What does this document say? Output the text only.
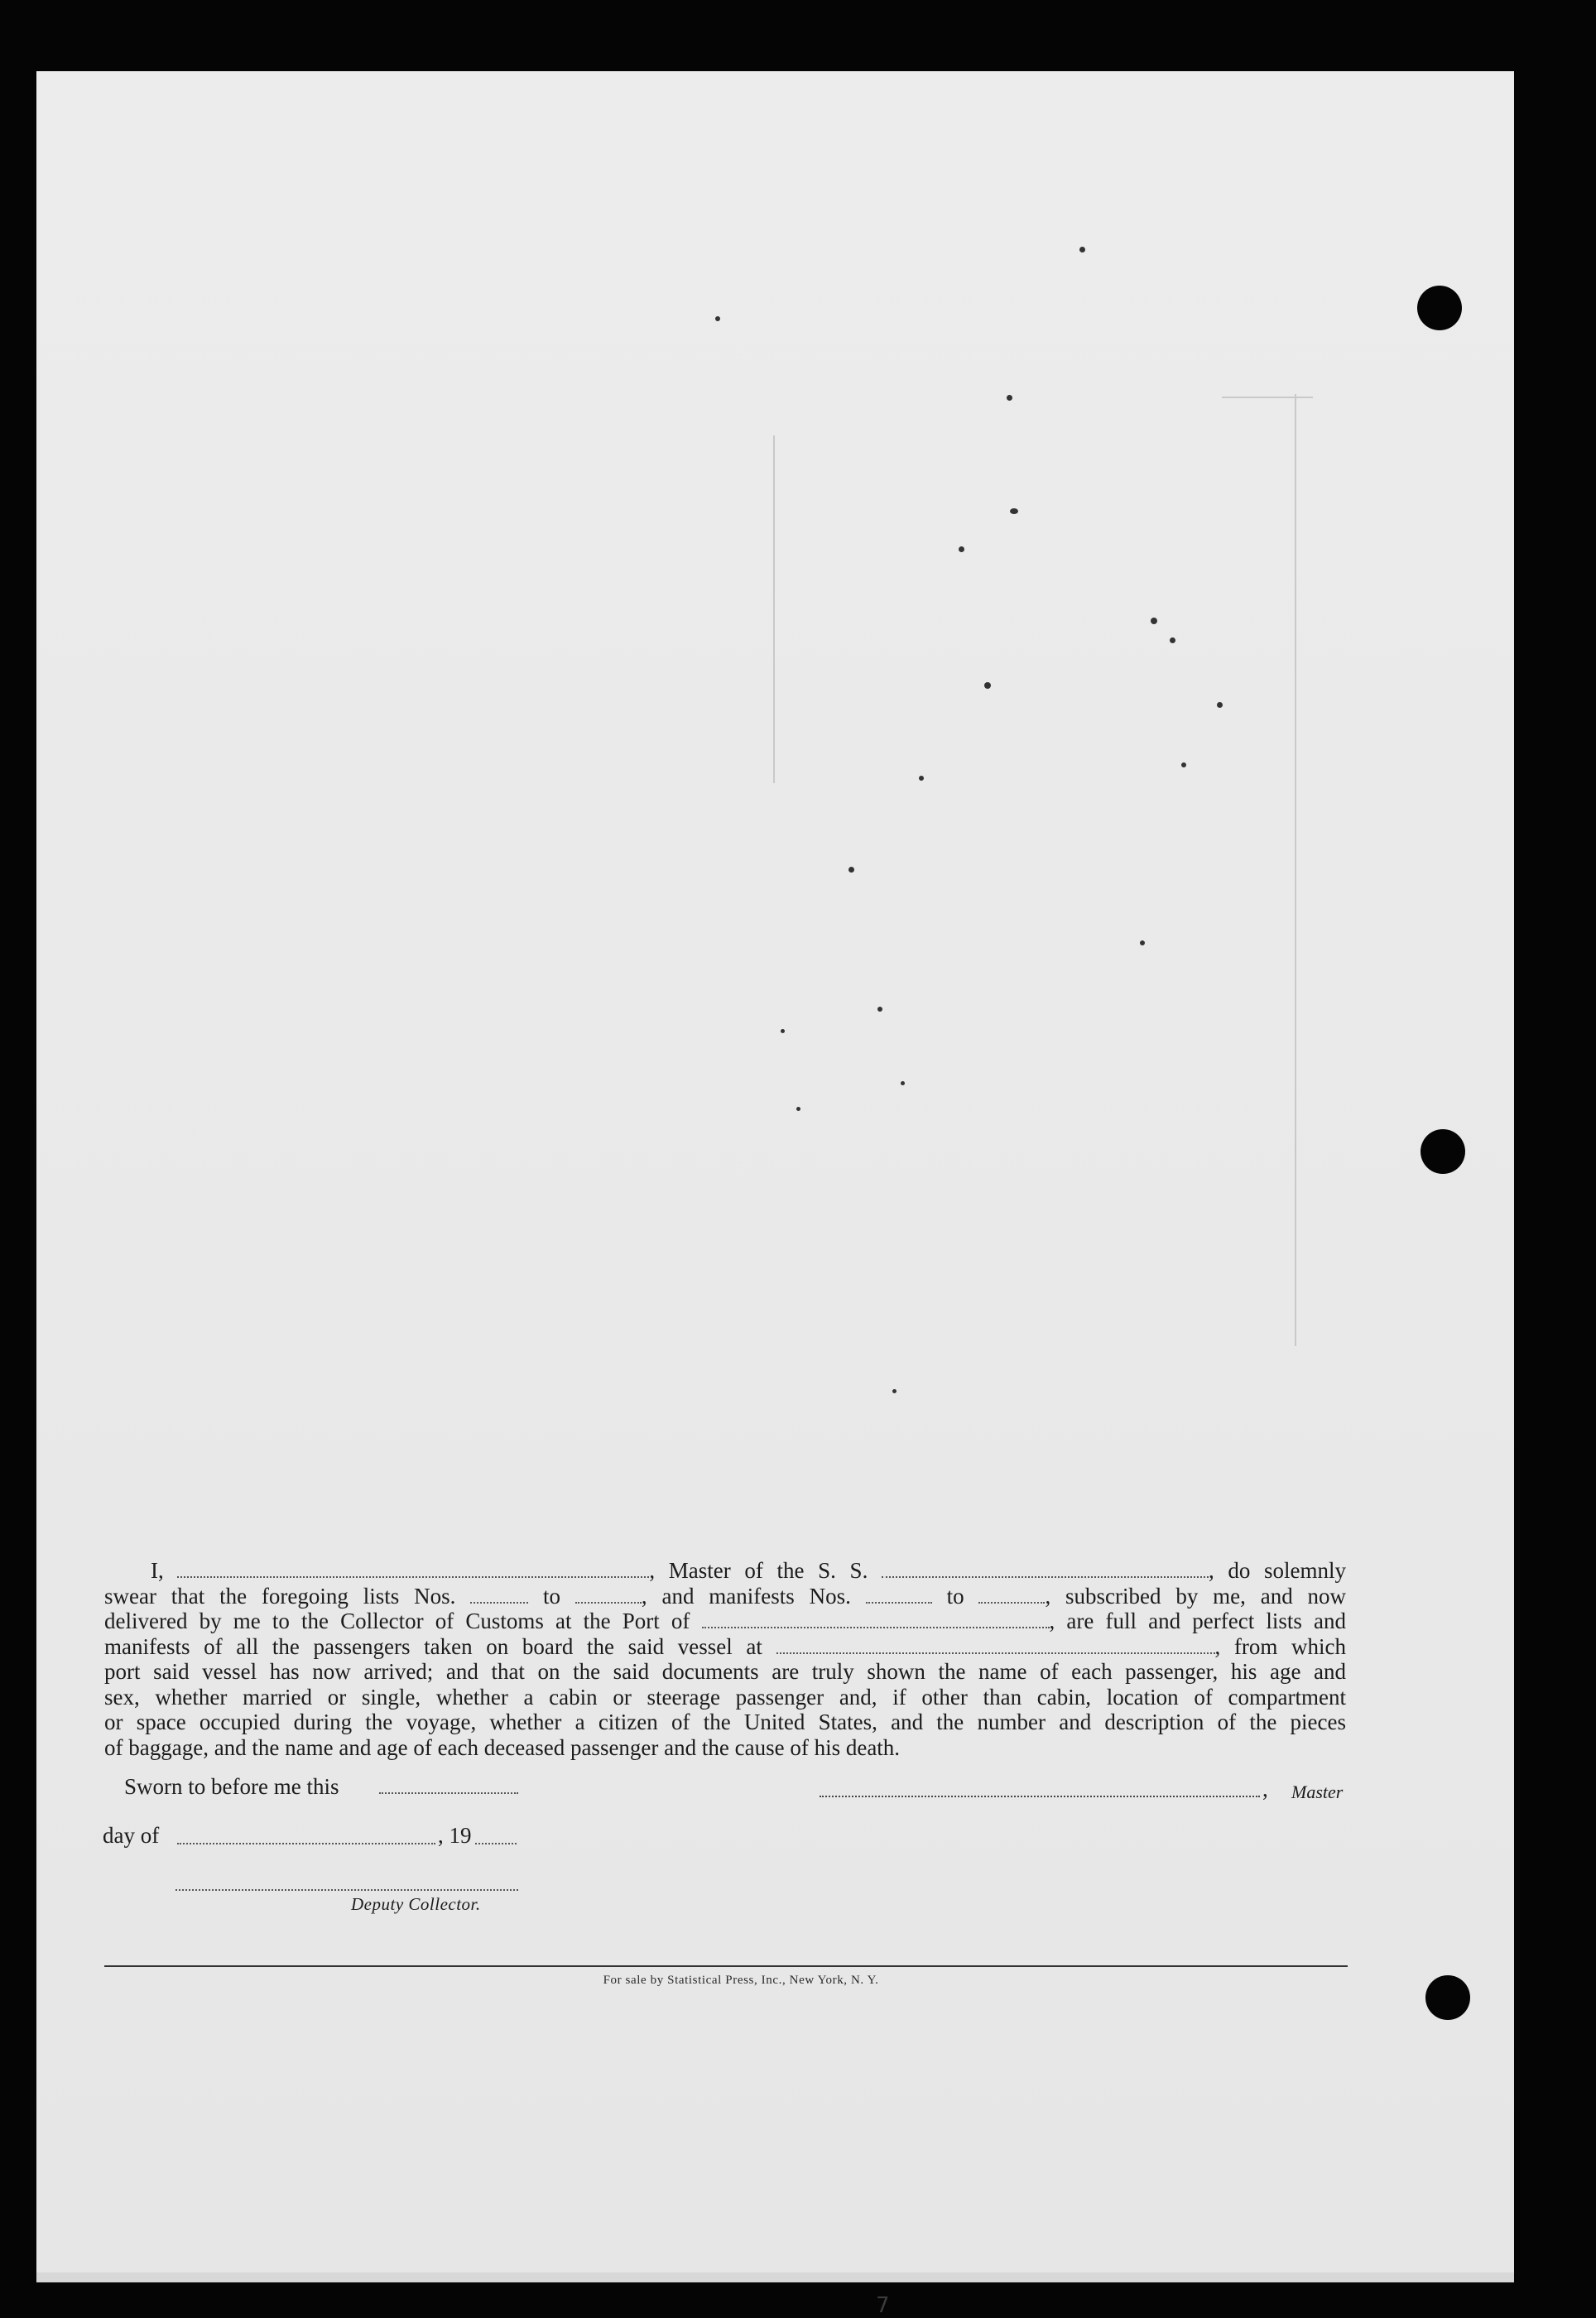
I,	, Master of the S. S.	, do solemnly
swear that the foregoing lists Nos.	to	, and manifests Nos.	to	, subscribed by me, and now
delivered by me to the Collector of Customs at the Port of	, are full and perfect lists and
manifests of all the passengers taken on board the said vessel at	, from which
port said vessel has now arrived; and that on the said documents are truly shown the name of each passenger, his age and
sex, whether married or single, whether a cabin or steerage passenger and, if other than cabin, location of compartment
or space occupied during the voyage, whether a citizen of the United States, and the number and description of the pieces
of baggage, and the name and age of each deceased passenger and the cause of his death.
Sworn to before me this	, Master
day of	, 19
Deputy Collector.
For sale by Statistical Press, Inc., New York, N. Y.
7
